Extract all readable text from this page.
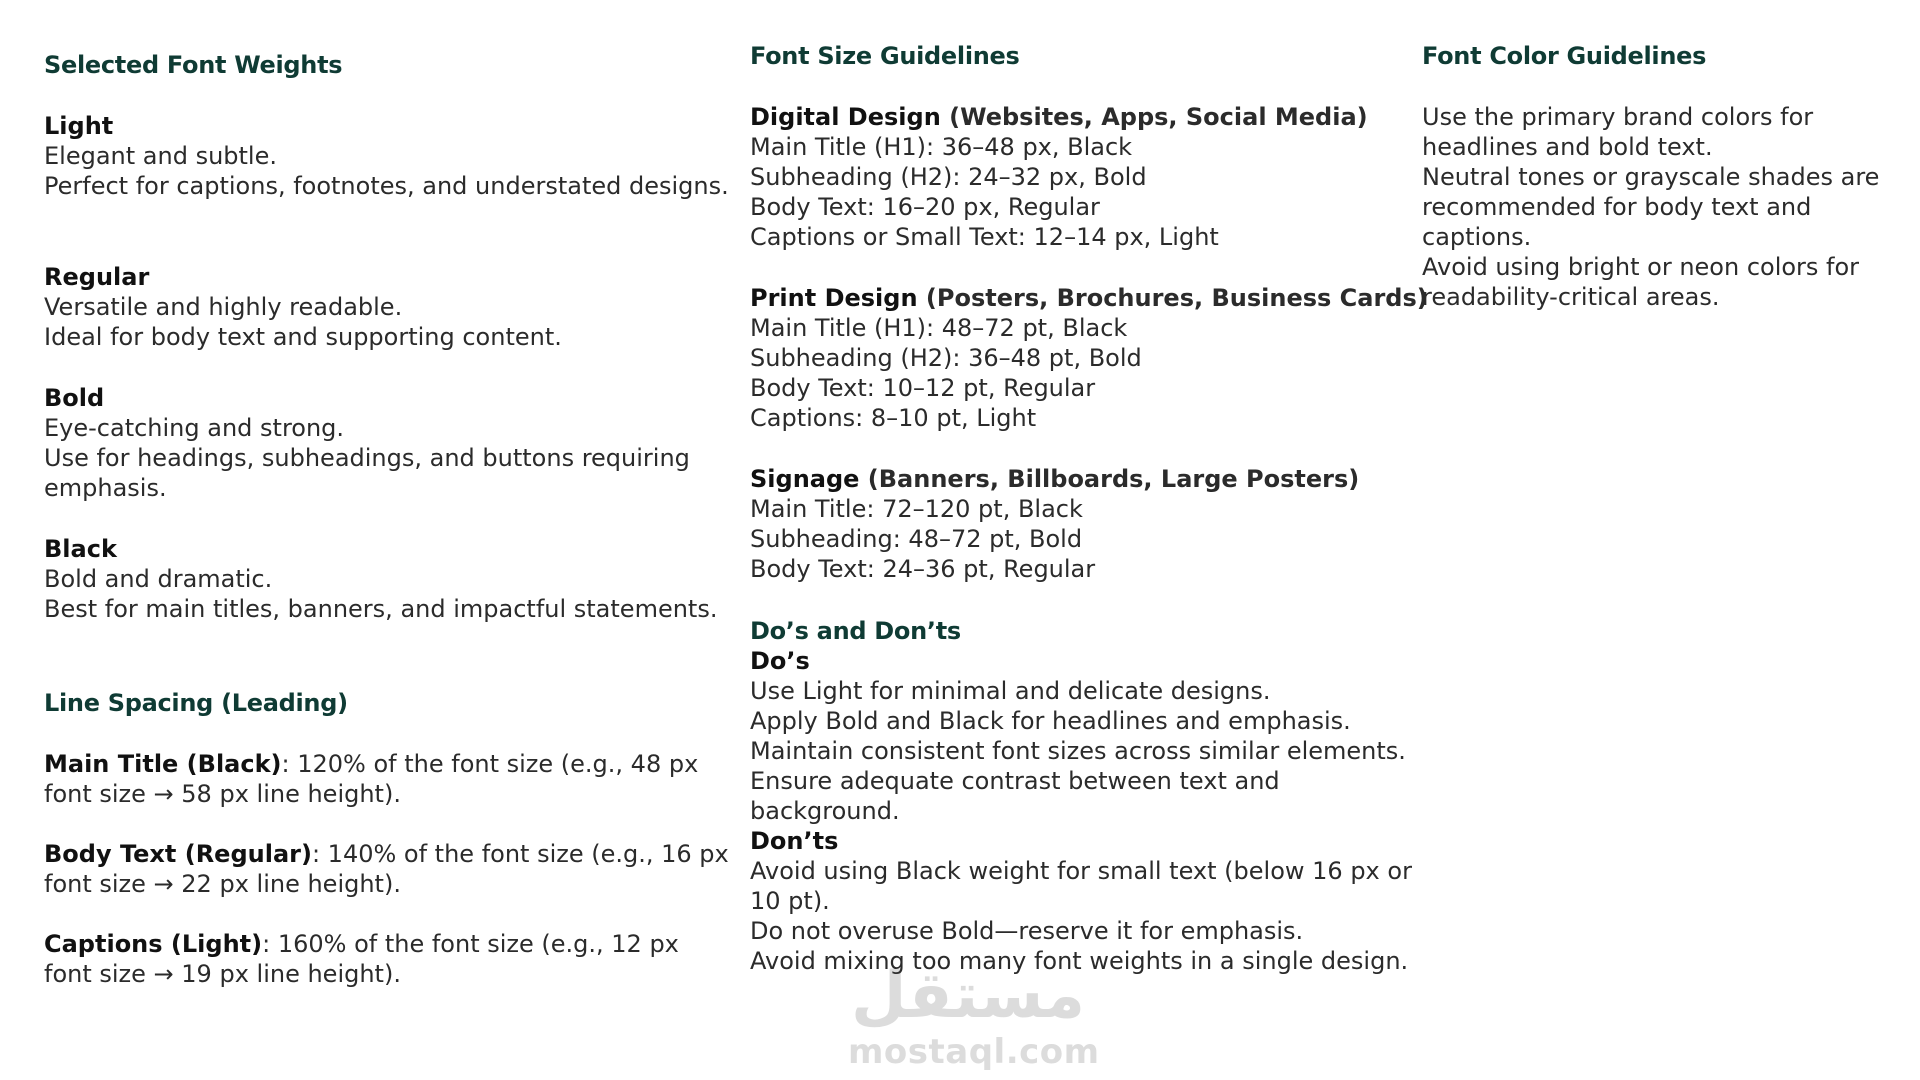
Selected Font Weights
Light
Elegant and subtle.
Perfect for captions, footnotes, and understated designs.
Regular
Versatile and highly readable.
Ideal for body text and supporting content.
Bold
Eye-catching and strong.
Use for headings, subheadings, and buttons requiring emphasis.
Black
Bold and dramatic.
Best for main titles, banners, and impactful statements.
Line Spacing (Leading)
Main Title (Black): 120% of the font size (e.g., 48 px font size → 58 px line height).
Body Text (Regular): 140% of the font size (e.g., 16 px font size → 22 px line height).
Captions (Light): 160% of the font size (e.g., 12 px font size → 19 px line height).
Font Size Guidelines
Digital Design (Websites, Apps, Social Media)
Main Title (H1): 36–48 px, Black
Subheading (H2): 24–32 px, Bold
Body Text: 16–20 px, Regular
Captions or Small Text: 12–14 px, Light
Print Design (Posters, Brochures, Business Cards)
Main Title (H1): 48–72 pt, Black
Subheading (H2): 36–48 pt, Bold
Body Text: 10–12 pt, Regular
Captions: 8–10 pt, Light
Signage (Banners, Billboards, Large Posters)
Main Title: 72–120 pt, Black
Subheading: 48–72 pt, Bold
Body Text: 24–36 pt, Regular
Do’s and Don’ts
Do’s
Use Light for minimal and delicate designs.
Apply Bold and Black for headlines and emphasis.
Maintain consistent font sizes across similar elements.
Ensure adequate contrast between text and background.
Don’ts
Avoid using Black weight for small text (below 16 px or 10 pt).
Do not overuse Bold—reserve it for emphasis.
Avoid mixing too many font weights in a single design.
Font Color Guidelines
Use the primary brand colors for headlines and bold text.
Neutral tones or grayscale shades are recommended for body text and captions.
Avoid using bright or neon colors for readability-critical areas.
مستقل
mostaql.com
